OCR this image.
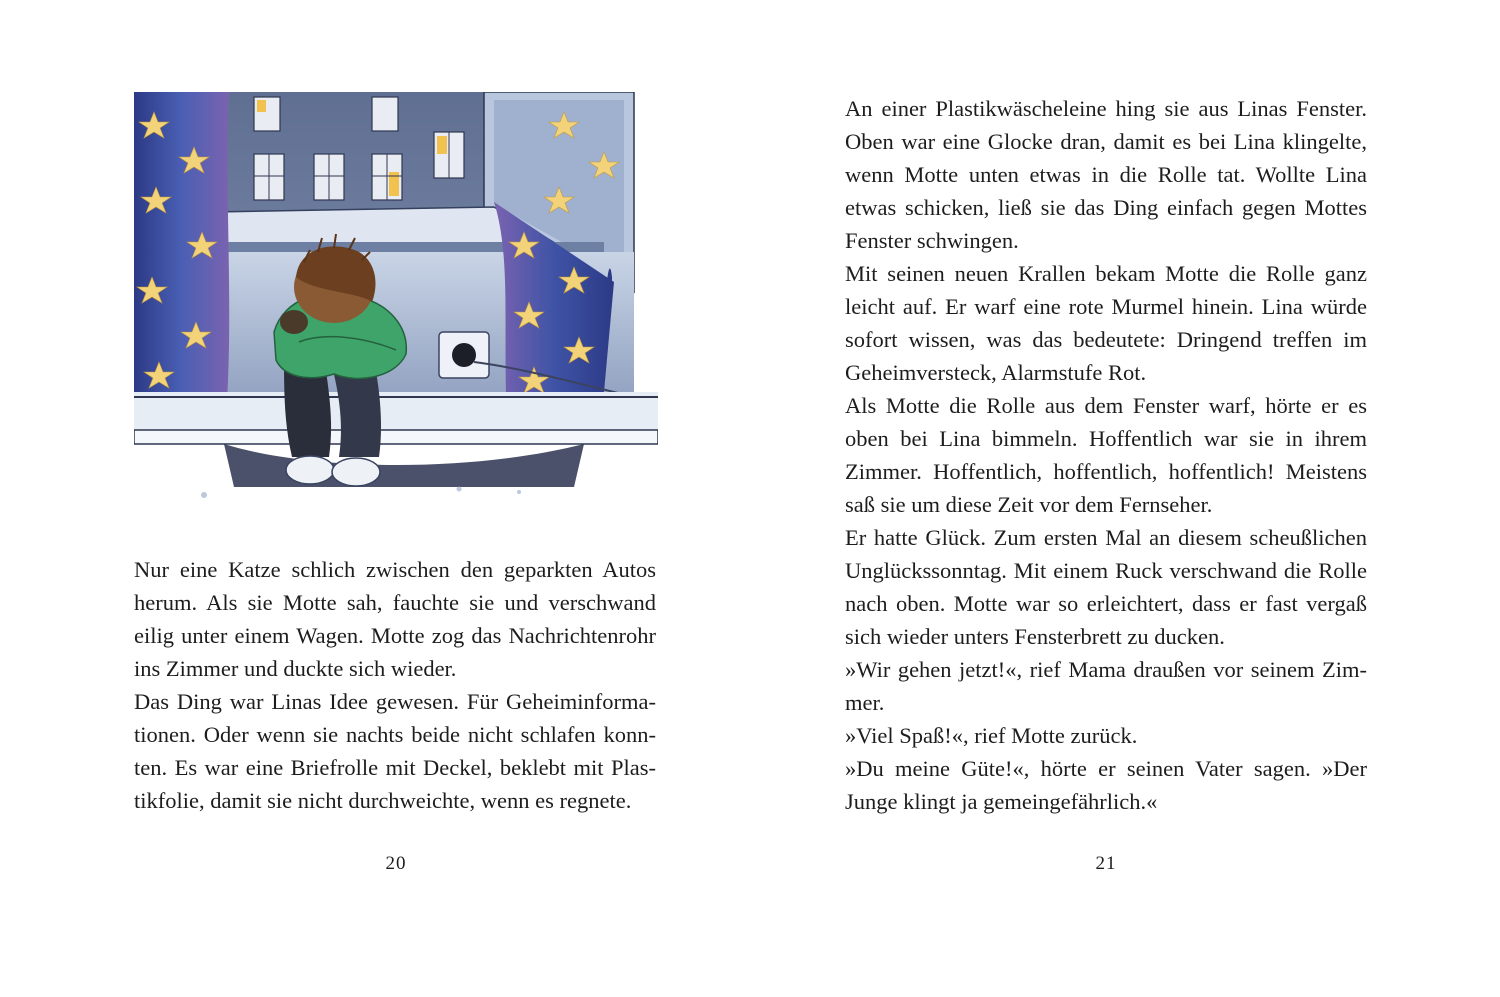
Nur eine Katze schlich zwischen den geparkten Autos herum. Als sie Motte sah, fauchte sie und verschwand eilig unter einem Wagen. Motte zog das Nachrichtenrohr ins Zimmer und duckte sich wieder.

Das Ding war Linas Idee gewesen. Für Geheiminformationen. Oder wenn sie nachts beide nicht schlafen konnten. Es war eine Briefrolle mit Deckel, beklebt mit Plastikfolie, damit sie nicht durchweichte, wenn es regnete.

20

An einer Plastikwäscheleine hing sie aus Linas Fenster. Oben war eine Glocke dran, damit es bei Lina klingelte, wenn Motte unten etwas in die Rolle tat. Wollte Lina etwas schicken, ließ sie das Ding einfach gegen Mottes Fenster schwingen.

Mit seinen neuen Krallen bekam Motte die Rolle ganz leicht auf. Er warf eine rote Murmel hinein. Lina würde sofort wissen, was das bedeutete: Dringend treffen im Geheimversteck, Alarmstufe Rot.

Als Motte die Rolle aus dem Fenster warf, hörte er es oben bei Lina bimmeln. Hoffentlich war sie in ihrem Zimmer. Hoffentlich, hoffentlich, hoffentlich! Meistens saß sie um diese Zeit vor dem Fernseher.

Er hatte Glück. Zum ersten Mal an diesem scheußlichen Unglückssonntag. Mit einem Ruck verschwand die Rolle nach oben. Motte war so erleichtert, dass er fast vergaß sich wieder unters Fensterbrett zu ducken.

»Wir gehen jetzt!«, rief Mama draußen vor seinem Zimmer.

»Viel Spaß!«, rief Motte zurück.

»Du meine Güte!«, hörte er seinen Vater sagen. »Der Junge klingt ja gemeingefährlich.«

21
